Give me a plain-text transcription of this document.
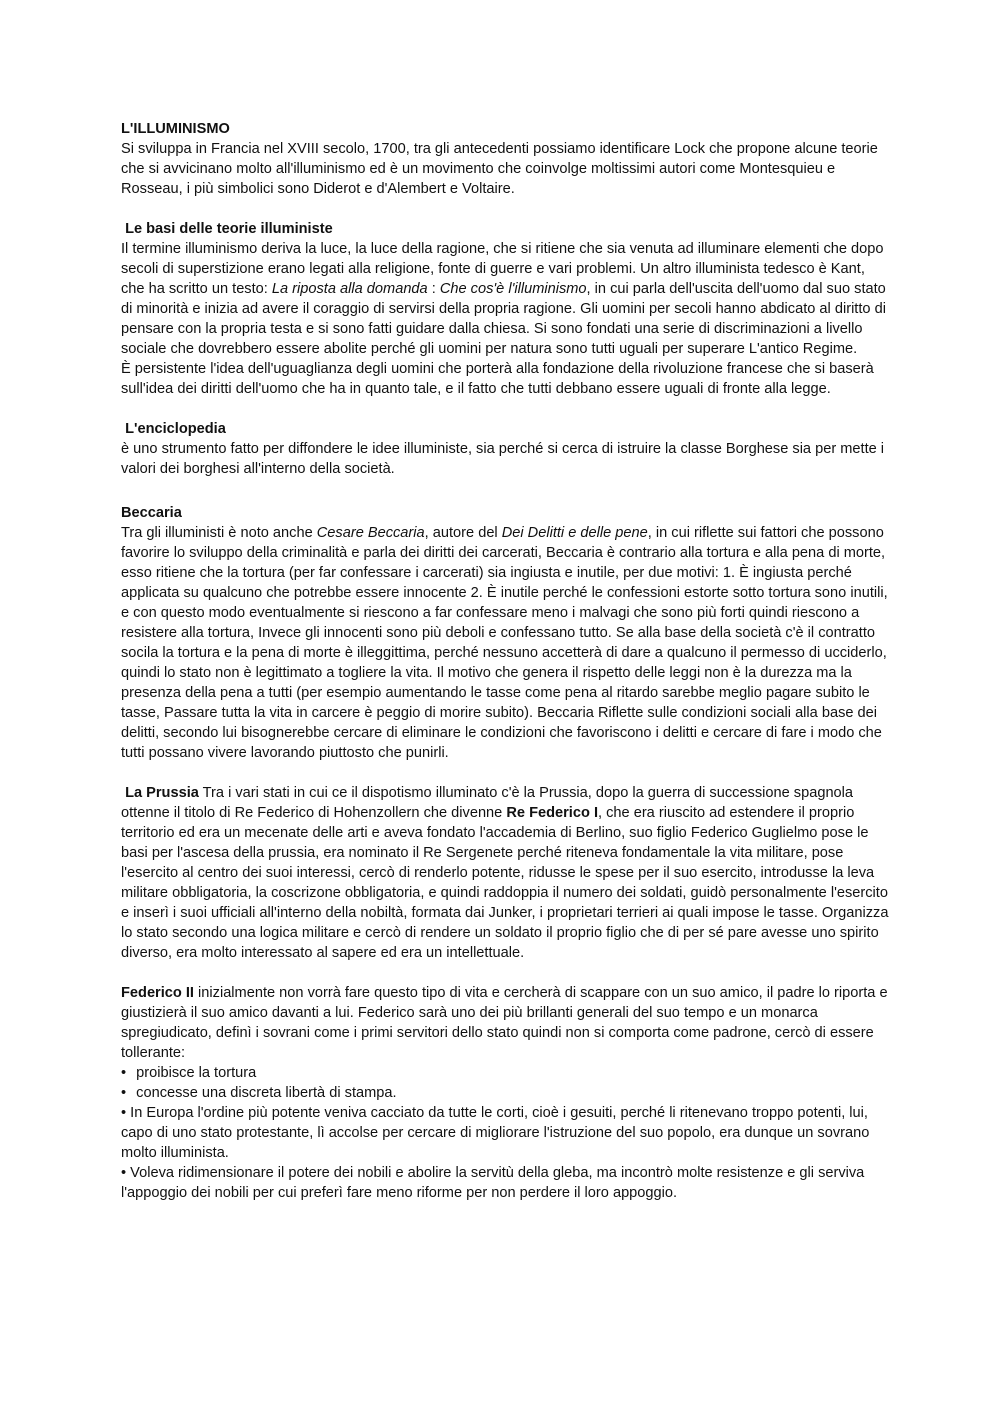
L'ILLUMINISMO

Si sviluppa in Francia nel XVIII secolo, 1700, tra gli antecedenti possiamo identificare Lock che propone alcune teorie che si avvicinano molto all'illuminismo ed è un movimento che coinvolge moltissimi autori come Montesquieu e Rosseau, i più simbolici sono Diderot e d'Alembert e Voltaire.

Le basi delle teorie illuministe

Il termine illuminismo deriva la luce, la luce della ragione, che si ritiene che sia venuta ad illuminare elementi che dopo secoli di superstizione erano legati alla religione, fonte di guerre e vari problemi. Un altro illuminista tedesco è Kant, che ha scritto un testo: La riposta alla domanda : Che cos'è l'illuminismo, in cui parla dell'uscita dell'uomo dal suo stato di minorità e inizia ad avere il coraggio di servirsi della propria ragione. Gli uomini per secoli hanno abdicato al diritto di pensare con la propria testa e si sono fatti guidare dalla chiesa. Si sono fondati una serie di discriminazioni a livello sociale che dovrebbero essere abolite perché gli uomini per natura sono tutti uguali per superare L'antico Regime.

È persistente l'idea dell'uguaglianza degli uomini che porterà alla fondazione della rivoluzione francese che si baserà sull'idea dei diritti dell'uomo che ha in quanto tale, e il fatto che tutti debbano essere uguali di fronte alla legge.

L'enciclopedia

è uno strumento fatto per diffondere le idee illuministe, sia perché si cerca di istruire la classe Borghese sia per mette i valori dei borghesi all'interno della società.

Beccaria

Tra gli illuministi è noto anche Cesare Beccaria, autore del Dei Delitti e delle pene, in cui riflette sui fattori che possono favorire lo sviluppo della criminalità e parla dei diritti dei carcerati, Beccaria è contrario alla tortura e alla pena di morte, esso ritiene che la tortura (per far confessare i carcerati) sia ingiusta e inutile, per due motivi: 1. È ingiusta perché applicata su qualcuno che potrebbe essere innocente 2. È inutile perché le confessioni estorte sotto tortura sono inutili, e con questo modo eventualmente si riescono a far confessare meno i malvagi che sono più forti quindi riescono a resistere alla tortura, Invece gli innocenti sono più deboli e confessano tutto. Se alla base della società c'è il contratto socila la tortura e la pena di morte è illeggittima, perché nessuno accetterà di dare a qualcuno il permesso di ucciderlo, quindi lo stato non è legittimato a togliere la vita. Il motivo che genera il rispetto delle leggi non è la durezza ma la presenza della pena a tutti (per esempio aumentando le tasse come pena al ritardo sarebbe meglio pagare subito le tasse, Passare tutta la vita in carcere è peggio di morire subito). Beccaria Riflette sulle condizioni sociali alla base dei delitti, secondo lui bisognerebbe cercare di eliminare le condizioni che favoriscono i delitti e cercare di fare i modo che tutti possano vivere lavorando piuttosto che punirli.

La Prussia Tra i vari stati in cui ce il dispotismo illuminato c'è la Prussia, dopo la guerra di successione spagnola ottenne il titolo di Re Federico di Hohenzollern che divenne Re Federico I, che era riuscito ad estendere il proprio territorio ed era un mecenate delle arti e aveva fondato l'accademia di Berlino, suo figlio Federico Guglielmo pose le basi per l'ascesa della prussia, era nominato il Re Sergenete perché riteneva fondamentale la vita militare, pose l'esercito al centro dei suoi interessi, cercò di renderlo potente, ridusse le spese per il suo esercito, introdusse la leva militare obbligatoria, la coscrizone obbligatoria, e quindi raddoppia il numero dei soldati, guidò personalmente l'esercito e inserì i suoi ufficiali all'interno della nobiltà, formata dai Junker, i proprietari terrieri ai quali impose le tasse. Organizza lo stato secondo una logica militare e cercò di rendere un soldato il proprio figlio che di per sé pare avesse uno spirito diverso, era molto interessato al sapere ed era un intellettuale.

Federico II inizialmente non vorrà fare questo tipo di vita e cercherà di scappare con un suo amico, il padre lo riporta e giustizierà il suo amico davanti a lui. Federico sarà uno dei più brillanti generali del suo tempo e un monarca spregiudicato, definì i sovrani come i primi servitori dello stato quindi non si comporta come padrone, cercò di essere tollerante:

• proibisce la tortura
• concesse una discreta libertà di stampa.
• In Europa l'ordine più potente veniva cacciato da tutte le corti, cioè i gesuiti, perché li ritenevano troppo potenti, lui, capo di uno stato protestante, lì accolse per cercare di migliorare l'istruzione del suo popolo, era dunque un sovrano molto illuminista.
• Voleva ridimensionare il potere dei nobili e abolire la servitù della gleba, ma incontrò molte resistenze e gli serviva l'appoggio dei nobili per cui preferì fare meno riforme per non perdere il loro appoggio.
